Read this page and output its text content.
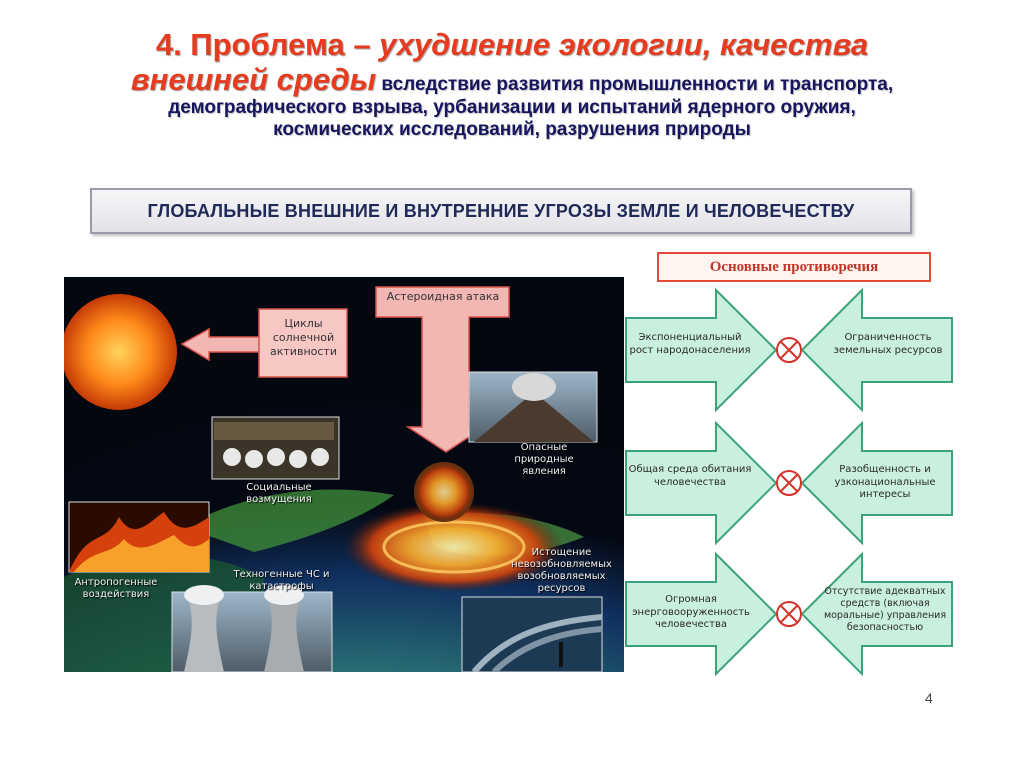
4. Проблема – ухудшение экологии, качества
внешней среды вследствие развития промышленности и транспорта,
демографического взрыва, урбанизации и испытаний ядерного оружия,
космических исследований, разрушения природы
ГЛОБАЛЬНЫЕ ВНЕШНИЕ И ВНУТРЕННИЕ УГРОЗЫ ЗЕМЛЕ И ЧЕЛОВЕЧЕСТВУ
Циклы солнечной активности
Астероидная атака
Опасные природные явления
Социальные возмущения
Антропогенные воздействия
Техногенные ЧС и катастрофы
Истощение невозобновляемых возобновляемых ресурсов
Основные противоречия
Экспоненциальный рост народонаселения
Ограниченность земельных ресурсов
Общая среда обитания человечества
Разобщенность и узконациональные интересы
Огромная энерговооруженность человечества
Отсутствие адекватных средств (включая моральные) управления безопасностью
4
